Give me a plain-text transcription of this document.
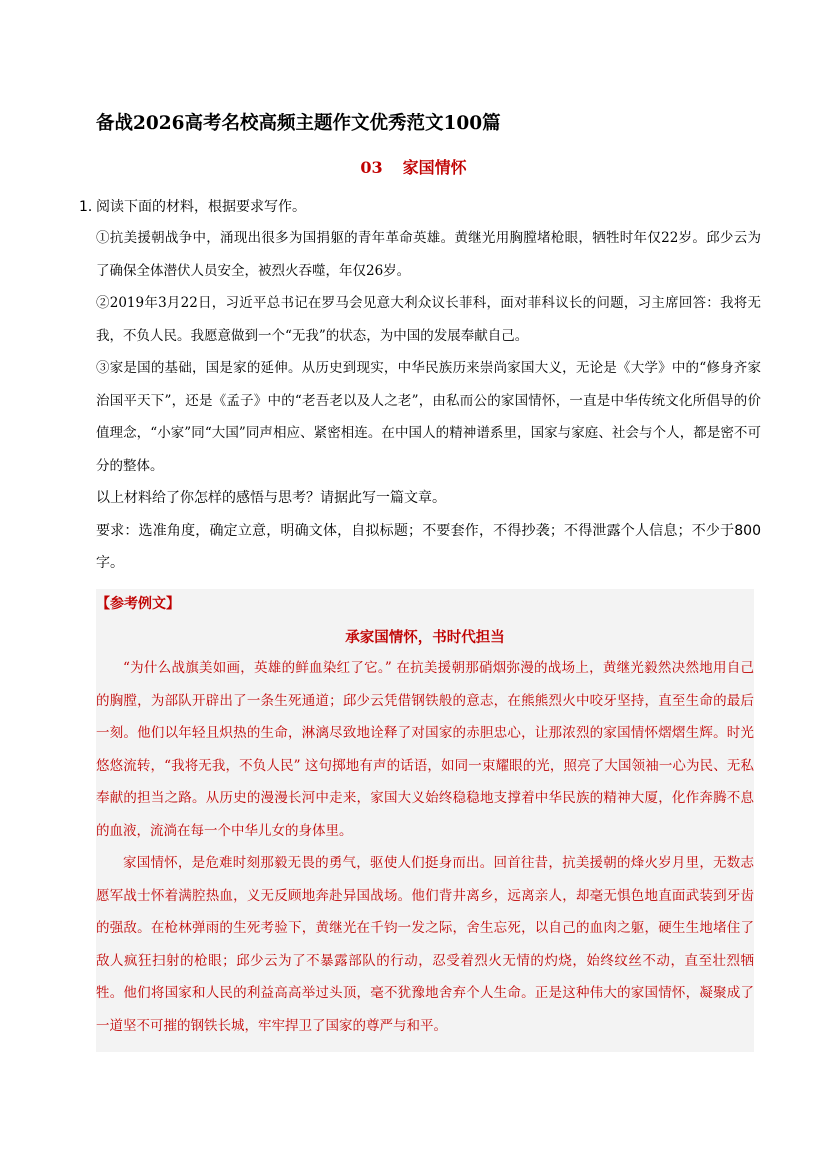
备战2026高考名校高频主题作文优秀范文100篇
03 家国情怀
1．
阅读下面的材料，根据要求写作。

①抗美援朝战争中，涌现出很多为国捐躯的青年革命英雄。黄继光用胸膛堵枪眼，牺牲时年仅22岁。邱少云为了确保全体潜伏人员安全，被烈火吞噬，年仅26岁。

②2019年3月22日，习近平总书记在罗马会见意大利众议长菲科，面对菲科议长的问题，习主席回答：我将无我，不负人民。我愿意做到一个“无我”的状态，为中国的发展奉献自己。

③家是国的基础，国是家的延伸。从历史到现实，中华民族历来崇尚家国大义，无论是《大学》中的“修身齐家治国平天下”，还是《孟子》中的“老吾老以及人之老”，由私而公的家国情怀，一直是中华传统文化所倡导的价值理念，“小家”同“大国”同声相应、紧密相连。在中国人的精神谱系里，国家与家庭、社会与个人，都是密不可分的整体。

以上材料给了你怎样的感悟与思考？请据此写一篇文章。

要求：选准角度，确定立意，明确文体，自拟标题；不要套作，不得抄袭；不得泄露个人信息；不少于800字。

【参考例文】
承家国情怀，书时代担当

“为什么战旗美如画，英雄的鲜血染红了它。” 在抗美援朝那硝烟弥漫的战场上，黄继光毅然决然地用自己的胸膛，为部队开辟出了一条生死通道；邱少云凭借钢铁般的意志，在熊熊烈火中咬牙坚持，直至生命的最后一刻。他们以年轻且炽热的生命，淋漓尽致地诠释了对国家的赤胆忠心，让那浓烈的家国情怀熠熠生辉。时光悠悠流转，“我将无我，不负人民” 这句掷地有声的话语，如同一束耀眼的光，照亮了大国领袖一心为民、无私奉献的担当之路。从历史的漫漫长河中走来，家国大义始终稳稳地支撑着中华民族的精神大厦，化作奔腾不息的血液，流淌在每一个中华儿女的身体里。

家国情怀，是危难时刻那毅无畏的勇气，驱使人们挺身而出。回首往昔，抗美援朝的烽火岁月里，无数志愿军战士怀着满腔热血，义无反顾地奔赴异国战场。他们背井离乡，远离亲人，却毫无惧色地直面武装到牙齿的强敌。在枪林弹雨的生死考验下，黄继光在千钧一发之际，舍生忘死，以自己的血肉之躯，硬生生地堵住了敌人疯狂扫射的枪眼；邱少云为了不暴露部队的行动，忍受着烈火无情的灼烧，始终纹丝不动，直至壮烈牺牲。他们将国家和人民的利益高高举过头顶，毫不犹豫地舍弃个人生命。正是这种伟大的家国情怀，凝聚成了一道坚不可摧的钢铁长城，牢牢捍卫了国家的尊严与和平。
